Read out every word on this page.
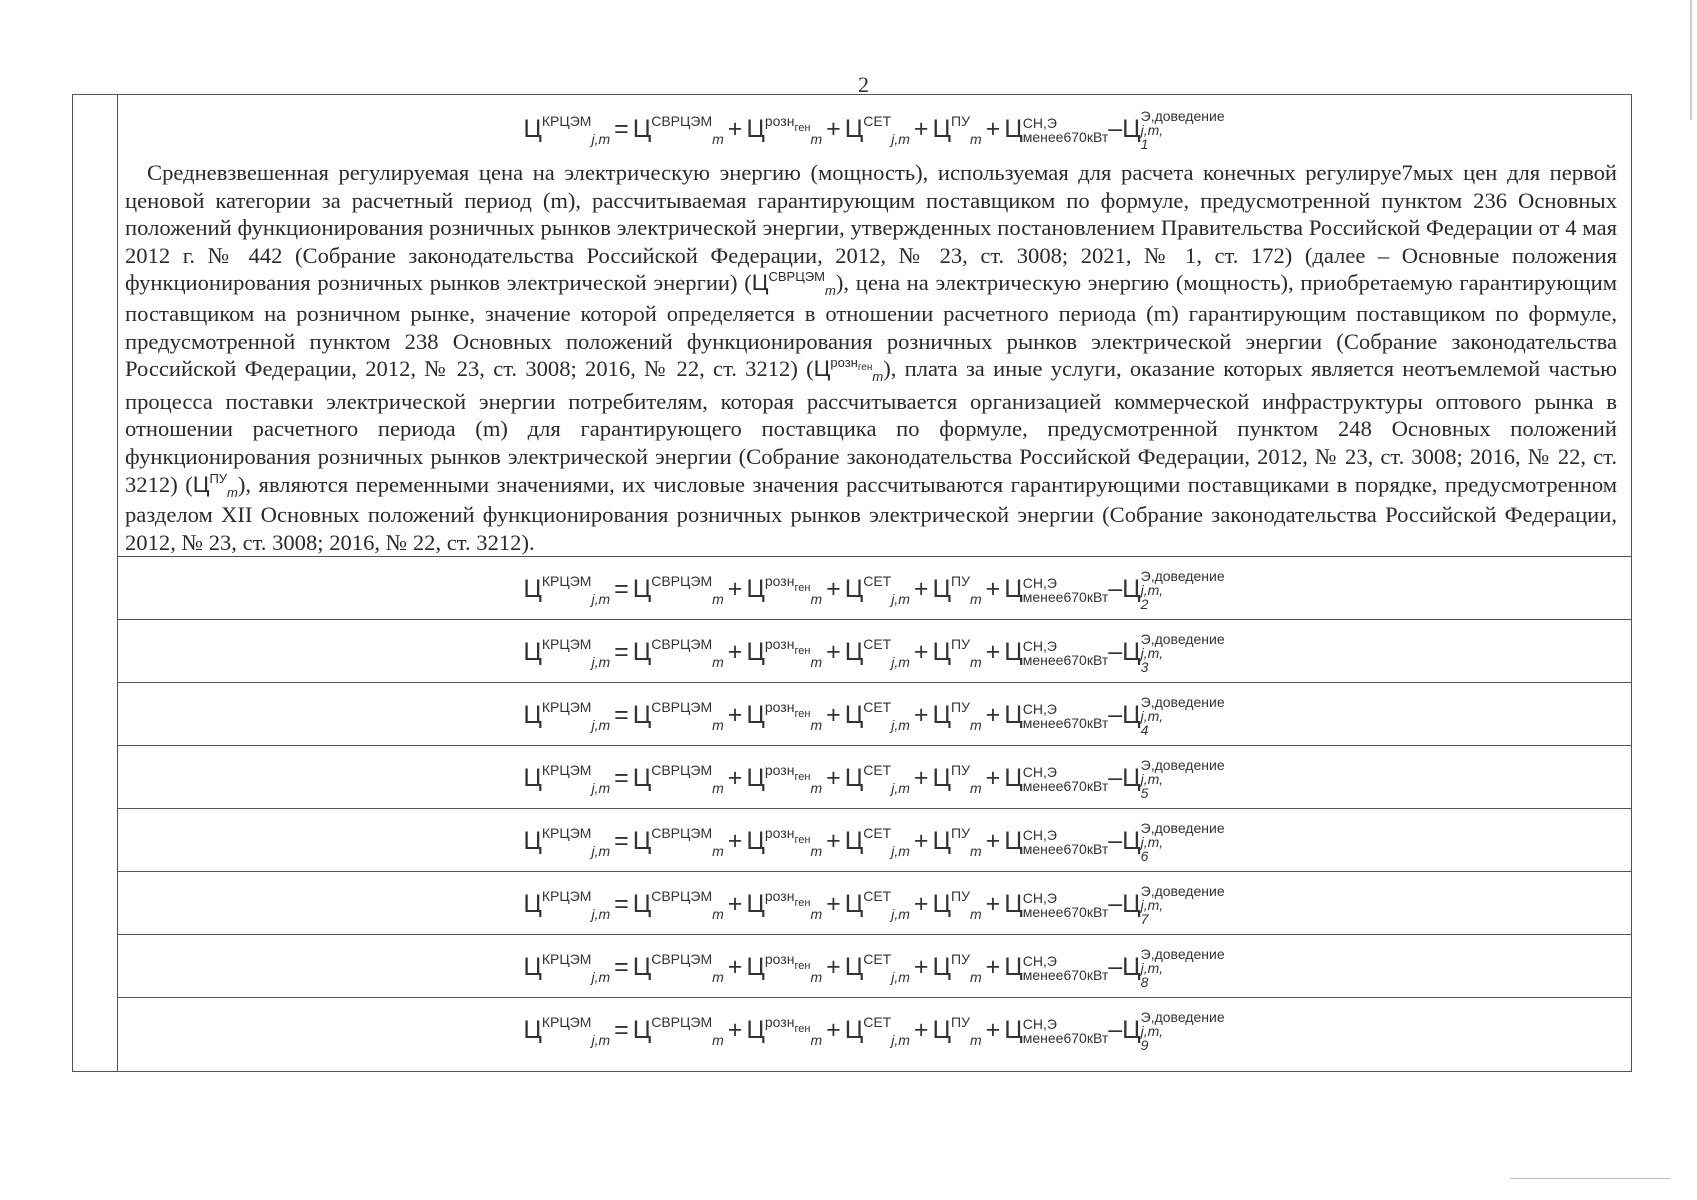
2
$Ц^{КРЦЭМ}_{j,m} = Ц^{СВРЦЭМ}_m + Ц^{рознген}_m + Ц^{СЕТ}_{j,m} + Ц^{ПУ}_m + Ц$ СН,Э
менее670кВт –Ц Э,доведение
j,m,
1
Средневзвешенная регулируемая цена на электрическую энергию (мощность), используемая для расчета конечных регулируе7мых цен для первой ценовой категории за расчетный период (m), рассчитываемая гарантирующим поставщиком по формуле, предусмотренной пунктом 236 Основных положений функционирования розничных рынков электрической энергии, утвержденных постановлением Правительства Российской Федерации от 4 мая 2012 г. № 442 (Собрание законодательства Российской Федерации, 2012, № 23, ст. 3008; 2021, № 1, ст. 172) (далее – Основные положения функционирования розничных рынков электрической энергии) $(Ц^{СВРЦЭМ}_m)$, цена на электрическую энергию (мощность), приобретаемую гарантирующим поставщиком на розничном рынке, значение которой определяется в отношении расчетного периода (m) гарантирующим поставщиком по формуле, предусмотренной пунктом 238 Основных положений функционирования розничных рынков электрической энергии (Собрание законодательства Российской Федерации, 2012, № 23, ст. 3008; 2016, № 22, ст. 3212) $(Ц^{рознген}_m)$, плата за иные услуги, оказание которых является неотъемлемой частью процесса поставки электрической энергии потребителям, которая рассчитывается организацией коммерческой инфраструктуры оптового рынка в отношении расчетного периода (m) для гарантирующего поставщика по формуле, предусмотренной пунктом 248 Основных положений функционирования розничных рынков электрической энергии (Собрание законодательства Российской Федерации, 2012, № 23, ст. 3008; 2016, № 22, ст. 3212) $(Ц^{ПУ}_m)$, являются переменными значениями, их числовые значения рассчитываются гарантирующими поставщиками в порядке, предусмотренном разделом XII Основных положений функционирования розничных рынков электрической энергии (Собрание законодательства Российской Федерации, 2012, № 23, ст. 3008; 2016, № 22, ст. 3212).
$Ц^{КРЦЭМ}_{j,m} = Ц^{СВРЦЭМ}_m + Ц^{рознген}_m + Ц^{СЕТ}_{j,m} + Ц^{ПУ}_m + Ц$ СН,Э
менее670кВт –Ц Э,доведение
j,m,
2
$Ц^{КРЦЭМ}_{j,m} = Ц^{СВРЦЭМ}_m + Ц^{рознген}_m + Ц^{СЕТ}_{j,m} + Ц^{ПУ}_m + Ц$ СН,Э
менее670кВт –Ц Э,доведение
j,m,
3
$Ц^{КРЦЭМ}_{j,m} = Ц^{СВРЦЭМ}_m + Ц^{рознген}_m + Ц^{СЕТ}_{j,m} + Ц^{ПУ}_m + Ц$ СН,Э
менее670кВт –Ц Э,доведение
j,m,
4
$Ц^{КРЦЭМ}_{j,m} = Ц^{СВРЦЭМ}_m + Ц^{рознген}_m + Ц^{СЕТ}_{j,m} + Ц^{ПУ}_m + Ц$ СН,Э
менее670кВт –Ц Э,доведение
j,m,
5
$Ц^{КРЦЭМ}_{j,m} = Ц^{СВРЦЭМ}_m + Ц^{рознген}_m + Ц^{СЕТ}_{j,m} + Ц^{ПУ}_m + Ц$ СН,Э
менее670кВт –Ц Э,доведение
j,m,
6
$Ц^{КРЦЭМ}_{j,m} = Ц^{СВРЦЭМ}_m + Ц^{рознген}_m + Ц^{СЕТ}_{j,m} + Ц^{ПУ}_m + Ц$ СН,Э
менее670кВт –Ц Э,доведение
j,m,
7
$Ц^{КРЦЭМ}_{j,m} = Ц^{СВРЦЭМ}_m + Ц^{рознген}_m + Ц^{СЕТ}_{j,m} + Ц^{ПУ}_m + Ц$ СН,Э
менее670кВт –Ц Э,доведение
j,m,
8
$Ц^{КРЦЭМ}_{j,m} = Ц^{СВРЦЭМ}_m + Ц^{рознген}_m + Ц^{СЕТ}_{j,m} + Ц^{ПУ}_m + Ц$ СН,Э
менее670кВт –Ц Э,доведение
j,m,
9
